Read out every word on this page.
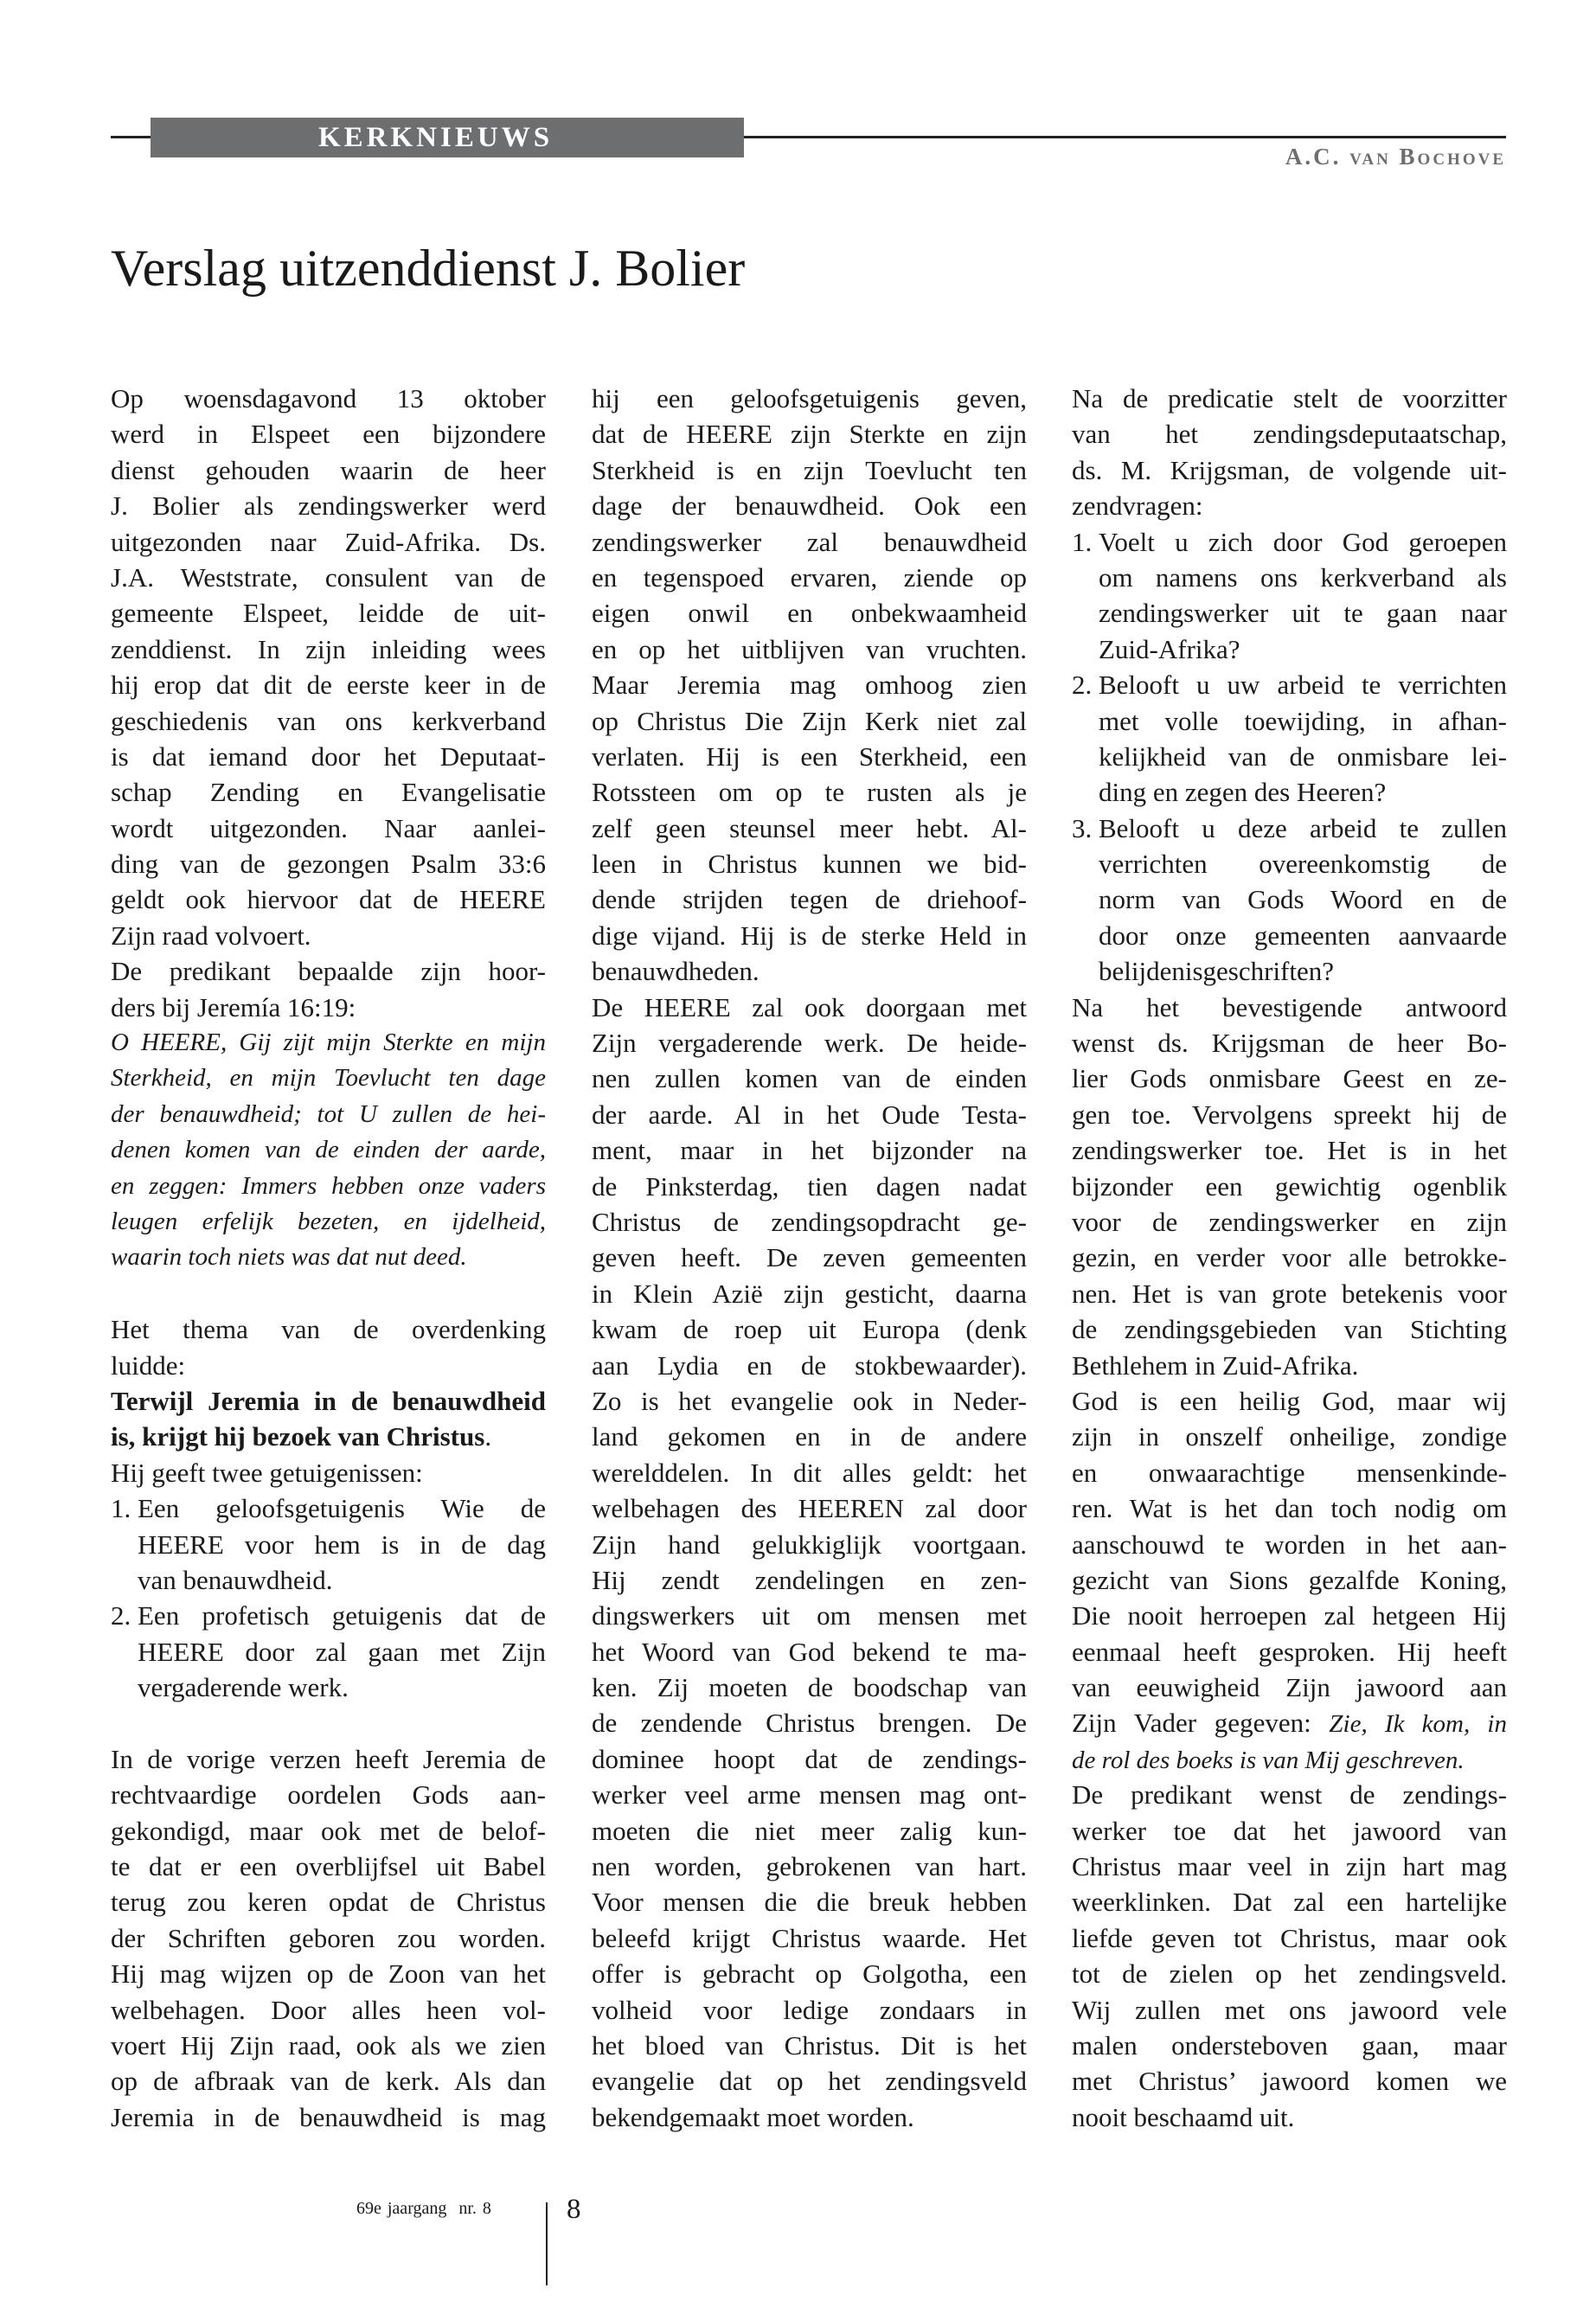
KERKNIEUWS
A.C. van Bochove
Verslag uitzenddienst J. Bolier
Op woensdagavond 13 oktober
werd in Elspeet een bijzondere
dienst gehouden waarin de heer
J. Bolier als zendingswerker werd
uitgezonden naar Zuid-Afrika. Ds.
J.A. Weststrate, consulent van de
gemeente Elspeet, leidde de uit-
zenddienst. In zijn inleiding wees
hij erop dat dit de eerste keer in de
geschiedenis van ons kerkverband
is dat iemand door het Deputaat-
schap Zending en Evangelisatie
wordt uitgezonden. Naar aanlei-
ding van de gezongen Psalm 33:6
geldt ook hiervoor dat de HEERE
Zijn raad volvoert.
De predikant bepaalde zijn hoor-
ders bij Jeremía 16:19:
O HEERE, Gij zijt mijn Sterkte en mijn
Sterkheid, en mijn Toevlucht ten dage
der benauwdheid; tot U zullen de hei-
denen komen van de einden der aarde,
en zeggen: Immers hebben onze vaders
leugen erfelijk bezeten, en ijdelheid,
waarin toch niets was dat nut deed.
Het thema van de overdenking
luidde:
Terwijl Jeremia in de benauwdheid
is, krijgt hij bezoek van Christus.
Hij geeft twee getuigenissen:
1. Een geloofsgetuigenis Wie de
HEERE voor hem is in de dag
van benauwdheid.
2. Een profetisch getuigenis dat de
HEERE door zal gaan met Zijn
vergaderende werk.
In de vorige verzen heeft Jeremia de
rechtvaardige oordelen Gods aan-
gekondigd, maar ook met de belof-
te dat er een overblijfsel uit Babel
terug zou keren opdat de Christus
der Schriften geboren zou worden.
Hij mag wijzen op de Zoon van het
welbehagen. Door alles heen vol-
voert Hij Zijn raad, ook als we zien
op de afbraak van de kerk. Als dan
Jeremia in de benauwdheid is mag
hij een geloofsgetuigenis geven,
dat de HEERE zijn Sterkte en zijn
Sterkheid is en zijn Toevlucht ten
dage der benauwdheid. Ook een
zendingswerker zal benauwdheid
en tegenspoed ervaren, ziende op
eigen onwil en onbekwaamheid
en op het uitblijven van vruchten.
Maar Jeremia mag omhoog zien
op Christus Die Zijn Kerk niet zal
verlaten. Hij is een Sterkheid, een
Rotssteen om op te rusten als je
zelf geen steunsel meer hebt. Al-
leen in Christus kunnen we bid-
dende strijden tegen de driehoof-
dige vijand. Hij is de sterke Held in
benauwdheden.
De HEERE zal ook doorgaan met
Zijn vergaderende werk. De heide-
nen zullen komen van de einden
der aarde. Al in het Oude Testa-
ment, maar in het bijzonder na
de Pinksterdag, tien dagen nadat
Christus de zendingsopdracht ge-
geven heeft. De zeven gemeenten
in Klein Azië zijn gesticht, daarna
kwam de roep uit Europa (denk
aan Lydia en de stokbewaarder).
Zo is het evangelie ook in Neder-
land gekomen en in de andere
werelddelen. In dit alles geldt: het
welbehagen des HEEREN zal door
Zijn hand gelukkiglijk voortgaan.
Hij zendt zendelingen en zen-
dingswerkers uit om mensen met
het Woord van God bekend te ma-
ken. Zij moeten de boodschap van
de zendende Christus brengen. De
dominee hoopt dat de zendings-
werker veel arme mensen mag ont-
moeten die niet meer zalig kun-
nen worden, gebrokenen van hart.
Voor mensen die die breuk hebben
beleefd krijgt Christus waarde. Het
offer is gebracht op Golgotha, een
volheid voor ledige zondaars in
het bloed van Christus. Dit is het
evangelie dat op het zendingsveld
bekendgemaakt moet worden.
Na de predicatie stelt de voorzitter
van het zendingsdeputaatschap,
ds. M. Krijgsman, de volgende uit-
zendvragen:
1. Voelt u zich door God geroepen
om namens ons kerkverband als
zendingswerker uit te gaan naar
Zuid-Afrika?
2. Belooft u uw arbeid te verrichten
met volle toewijding, in afhan-
kelijkheid van de onmisbare lei-
ding en zegen des Heeren?
3. Belooft u deze arbeid te zullen
verrichten overeenkomstig de
norm van Gods Woord en de
door onze gemeenten aanvaarde
belijdenisgeschriften?
Na het bevestigende antwoord
wenst ds. Krijgsman de heer Bo-
lier Gods onmisbare Geest en ze-
gen toe. Vervolgens spreekt hij de
zendingswerker toe. Het is in het
bijzonder een gewichtig ogenblik
voor de zendingswerker en zijn
gezin, en verder voor alle betrokke-
nen. Het is van grote betekenis voor
de zendingsgebieden van Stichting
Bethlehem in Zuid-Afrika.
God is een heilig God, maar wij
zijn in onszelf onheilige, zondige
en onwaarachtige mensenkinde-
ren. Wat is het dan toch nodig om
aanschouwd te worden in het aan-
gezicht van Sions gezalfde Koning,
Die nooit herroepen zal hetgeen Hij
eenmaal heeft gesproken. Hij heeft
van eeuwigheid Zijn jawoord aan
Zijn Vader gegeven: Zie, Ik kom, in
de rol des boeks is van Mij geschreven.
De predikant wenst de zendings-
werker toe dat het jawoord van
Christus maar veel in zijn hart mag
weerklinken. Dat zal een hartelijke
liefde geven tot Christus, maar ook
tot de zielen op het zendingsveld.
Wij zullen met ons jawoord vele
malen ondersteboven gaan, maar
met Christus’ jawoord komen we
nooit beschaamd uit.
69e jaargang  nr. 8	8
